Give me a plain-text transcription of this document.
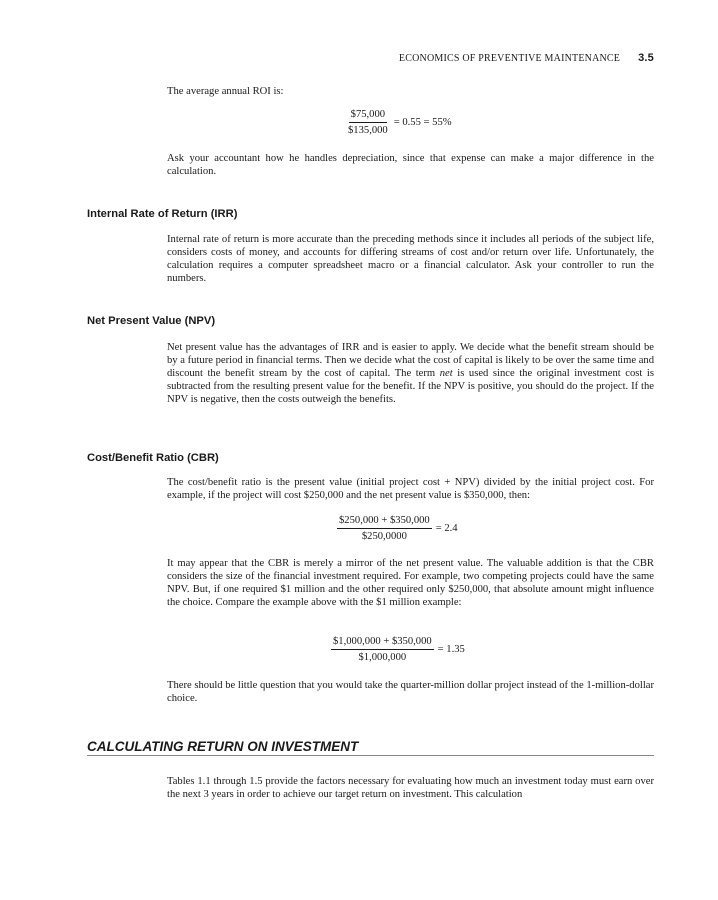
ECONOMICS OF PREVENTIVE MAINTENANCE 3.5
The average annual ROI is:
$\frac{\$75,000}{\$135,000} = 0.55 = 55\%$
Ask your accountant how he handles depreciation, since that expense can make a major difference in the calculation.
Internal Rate of Return (IRR)
Internal rate of return is more accurate than the preceding methods since it includes all periods of the subject life, considers costs of money, and accounts for differing streams of cost and/or return over life. Unfortunately, the calculation requires a computer spreadsheet macro or a financial calculator. Ask your controller to run the numbers.
Net Present Value (NPV)
Net present value has the advantages of IRR and is easier to apply. We decide what the benefit stream should be by a future period in financial terms. Then we decide what the cost of capital is likely to be over the same time and discount the benefit stream by the cost of capital. The term net is used since the original investment cost is subtracted from the resulting present value for the benefit. If the NPV is positive, you should do the project. If the NPV is negative, then the costs outweigh the benefits.
Cost/Benefit Ratio (CBR)
The cost/benefit ratio is the present value (initial project cost + NPV) divided by the initial project cost. For example, if the project will cost $250,000 and the net present value is $350,000, then:
$\frac{\$250,000 + \$350,000}{\$250,0000} = 2.4$
It may appear that the CBR is merely a mirror of the net present value. The valuable addition is that the CBR considers the size of the financial investment required. For example, two competing projects could have the same NPV. But, if one required $1 million and the other required only $250,000, that absolute amount might influence the choice. Compare the example above with the $1 million example:
$\frac{\$1,000,000 + \$350,000}{\$1,000,000} = 1.35$
There should be little question that you would take the quarter-million dollar project instead of the 1-million-dollar choice.
CALCULATING RETURN ON INVESTMENT
Tables 1.1 through 1.5 provide the factors necessary for evaluating how much an investment today must earn over the next 3 years in order to achieve our target return on investment. This calculation
